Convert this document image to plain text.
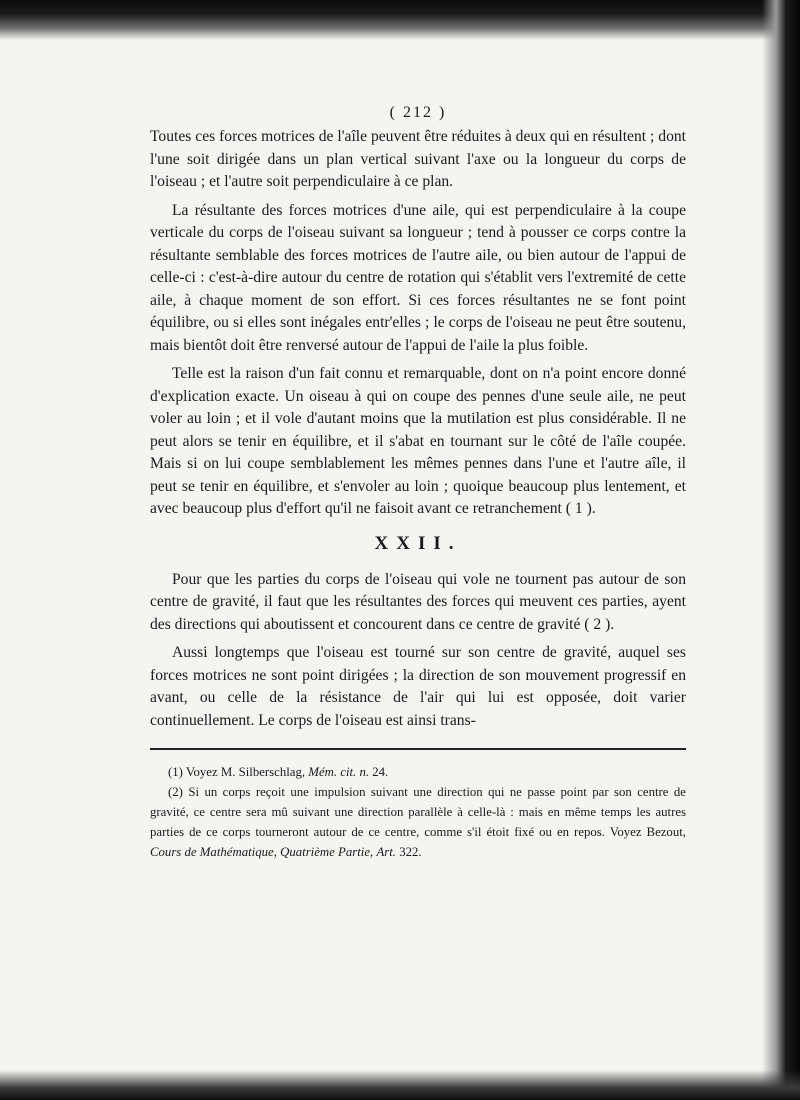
( 212 )

Toutes ces forces motrices de l'aîle peuvent être réduites à deux qui en résultent ; dont l'une soit dirigée dans un plan vertical suivant l'axe ou la longueur du corps de l'oiseau ; et l'autre soit perpendiculaire à ce plan.

La résultante des forces motrices d'une aile, qui est perpendiculaire à la coupe verticale du corps de l'oiseau suivant sa longueur ; tend à pousser ce corps contre la résultante semblable des forces motrices de l'autre aile, ou bien autour de l'appui de celle-ci : c'est-à-dire autour du centre de rotation qui s'établit vers l'extremité de cette aile, à chaque moment de son effort. Si ces forces résultantes ne se font point équilibre, ou si elles sont inégales entr'elles ; le corps de l'oiseau ne peut être soutenu, mais bientôt doit être renversé autour de l'appui de l'aile la plus foible.

Telle est la raison d'un fait connu et remarquable, dont on n'a point encore donné d'explication exacte. Un oiseau à qui on coupe des pennes d'une seule aile, ne peut voler au loin ; et il vole d'autant moins que la mutilation est plus considérable. Il ne peut alors se tenir en équilibre, et il s'abat en tournant sur le côté de l'aîle coupée. Mais si on lui coupe semblablement les mêmes pennes dans l'une et l'autre aîle, il peut se tenir en équilibre, et s'envoler au loin ; quoique beaucoup plus lentement, et avec beaucoup plus d'effort qu'il ne faisoit avant ce retranchement ( 1 ).

XXII.

Pour que les parties du corps de l'oiseau qui vole ne tournent pas autour de son centre de gravité, il faut que les résultantes des forces qui meuvent ces parties, ayent des directions qui aboutissent et concourent dans ce centre de gravité ( 2 ).

Aussi longtemps que l'oiseau est tourné sur son centre de gravité, auquel ses forces motrices ne sont point dirigées ; la direction de son mouvement progressif en avant, ou celle de la résistance de l'air qui lui est opposée, doit varier continuellement. Le corps de l'oiseau est ainsi trans-

(1) Voyez M. Silberschlag, Mém. cit. n. 24.

(2) Si un corps reçoit une impulsion suivant une direction qui ne passe point par son centre de gravité, ce centre sera mû suivant une direction parallèle à celle-là : mais en même temps les autres parties de ce corps tourneront autour de ce centre, comme s'il étoit fixé ou en repos. Voyez Bezout, Cours de Mathématique, Quatrième Partie, Art. 322.
